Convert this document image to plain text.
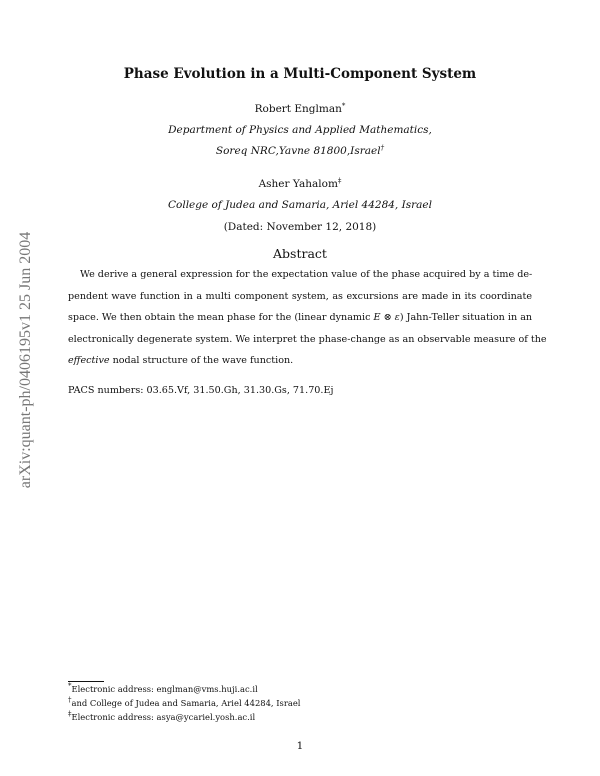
arXiv:quant-ph/0406195v1 25 Jun 2004
Phase Evolution in a Multi-Component System
Robert Englman*
Department of Physics and Applied Mathematics,
Soreq NRC,Yavne 81800,Israel†
Asher Yahalom‡
College of Judea and Samaria, Ariel 44284, Israel
(Dated: November 12, 2018)
Abstract
We derive a general expression for the expectation value of the phase acquired by a time de-
pendent wave function in a multi component system, as excursions are made in its coordinate
space. We then obtain the mean phase for the (linear dynamic E ⊗ ε) Jahn-Teller situation in an
electronically degenerate system. We interpret the phase-change as an observable measure of the
effective nodal structure of the wave function.
PACS numbers: 03.65.Vf, 31.50.Gh, 31.30.Gs, 71.70.Ej
*Electronic address: englman@vms.huji.ac.il
†and College of Judea and Samaria, Ariel 44284, Israel
‡Electronic address: asya@ycariel.yosh.ac.il
1
